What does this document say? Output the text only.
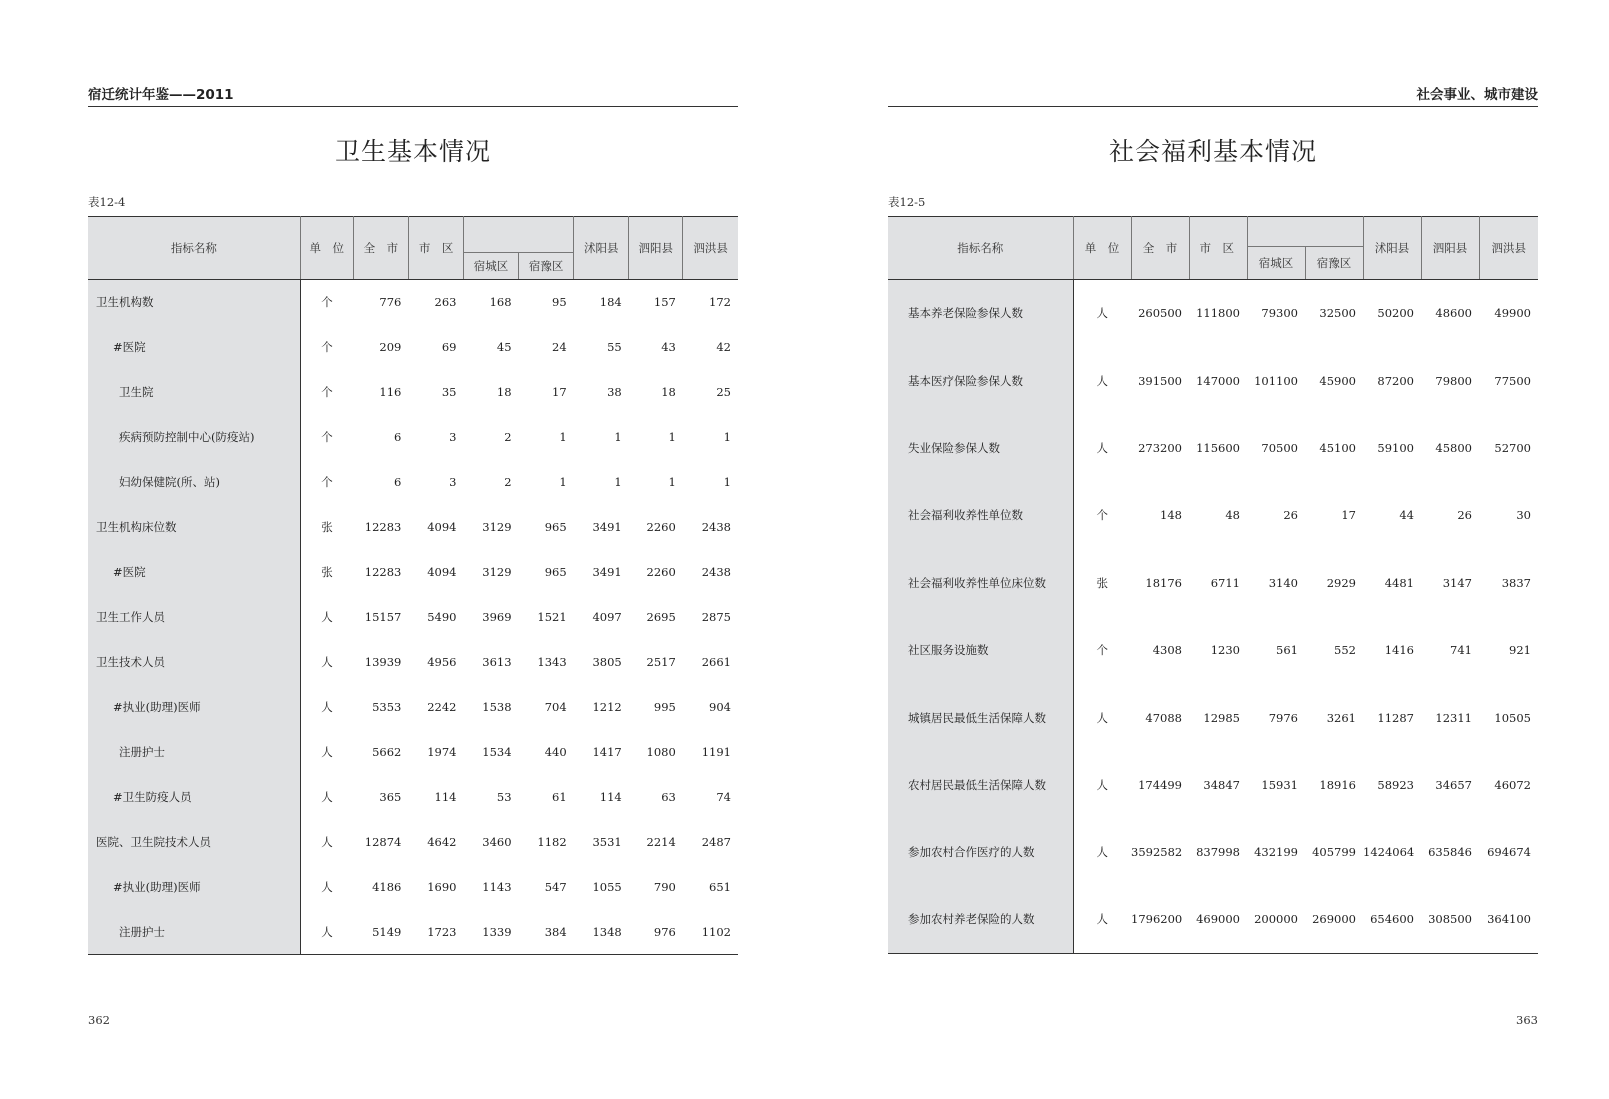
宿迁统计年鉴——2011
卫生基本情况
表12-4
指标名称	单　位	全　市	市　区			沭阳县	泗阳县	泗洪县
				宿城区	宿豫区			
卫生机构数	个	776	263	168	95	184	157	172
#医院	个	209	69	45	24	55	43	42
卫生院	个	116	35	18	17	38	18	25
疾病预防控制中心(防疫站)	个	6	3	2	1	1	1	1
妇幼保健院(所、站)	个	6	3	2	1	1	1	1
卫生机构床位数	张	12283	4094	3129	965	3491	2260	2438
#医院	张	12283	4094	3129	965	3491	2260	2438
卫生工作人员	人	15157	5490	3969	1521	4097	2695	2875
卫生技术人员	人	13939	4956	3613	1343	3805	2517	2661
#执业(助理)医师	人	5353	2242	1538	704	1212	995	904
注册护士	人	5662	1974	1534	440	1417	1080	1191
#卫生防疫人员	人	365	114	53	61	114	63	74
医院、卫生院技术人员	人	12874	4642	3460	1182	3531	2214	2487
#执业(助理)医师	人	4186	1690	1143	547	1055	790	651
注册护士	人	5149	1723	1339	384	1348	976	1102
362
社会事业、城市建设
社会福利基本情况
表12-5
指标名称	单　位	全　市	市　区			沭阳县	泗阳县	泗洪县
				宿城区	宿豫区			
基本养老保险参保人数	人	260500	111800	79300	32500	50200	48600	49900
基本医疗保险参保人数	人	391500	147000	101100	45900	87200	79800	77500
失业保险参保人数	人	273200	115600	70500	45100	59100	45800	52700
社会福利收养性单位数	个	148	48	26	17	44	26	30
社会福利收养性单位床位数	张	18176	6711	3140	2929	4481	3147	3837
社区服务设施数	个	4308	1230	561	552	1416	741	921
城镇居民最低生活保障人数	人	47088	12985	7976	3261	11287	12311	10505
农村居民最低生活保障人数	人	174499	34847	15931	18916	58923	34657	46072
参加农村合作医疗的人数	人	3592582	837998	432199	405799	1424064	635846	694674
参加农村养老保险的人数	人	1796200	469000	200000	269000	654600	308500	364100
363
